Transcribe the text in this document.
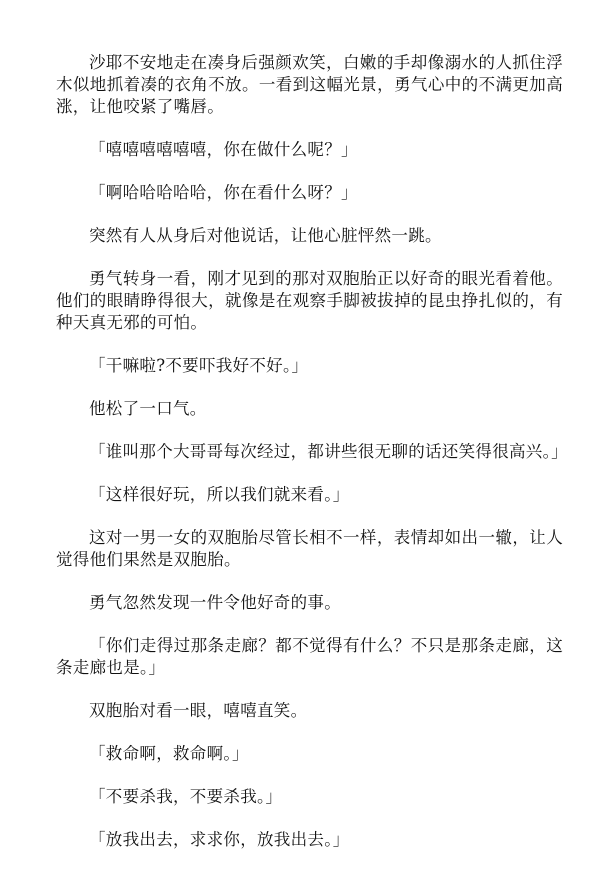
沙耶不安地走在凑身后强颜欢笑，白嫩的手却像溺水的人抓住浮木似地抓着凑的衣角不放。一看到这幅光景，勇气心中的不满更加高涨，让他咬紧了嘴唇。

「嘻嘻嘻嘻嘻嘻，你在做什么呢？」

「啊哈哈哈哈哈，你在看什么呀？」

突然有人从身后对他说话，让他心脏怦然一跳。

勇气转身一看，刚才见到的那对双胞胎正以好奇的眼光看着他。他们的眼睛睁得很大，就像是在观察手脚被拔掉的昆虫挣扎似的，有种天真无邪的可怕。

「干嘛啦?不要吓我好不好。」

他松了一口气。

「谁叫那个大哥哥每次经过，都讲些很无聊的话还笑得很高兴。」

「这样很好玩，所以我们就来看。」

这对一男一女的双胞胎尽管长相不一样，表情却如出一辙，让人觉得他们果然是双胞胎。

勇气忽然发现一件令他好奇的事。

「你们走得过那条走廊？都不觉得有什么？不只是那条走廊，这条走廊也是。」

双胞胎对看一眼，嘻嘻直笑。

「救命啊，救命啊。」

「不要杀我，不要杀我。」

「放我出去，求求你，放我出去。」
